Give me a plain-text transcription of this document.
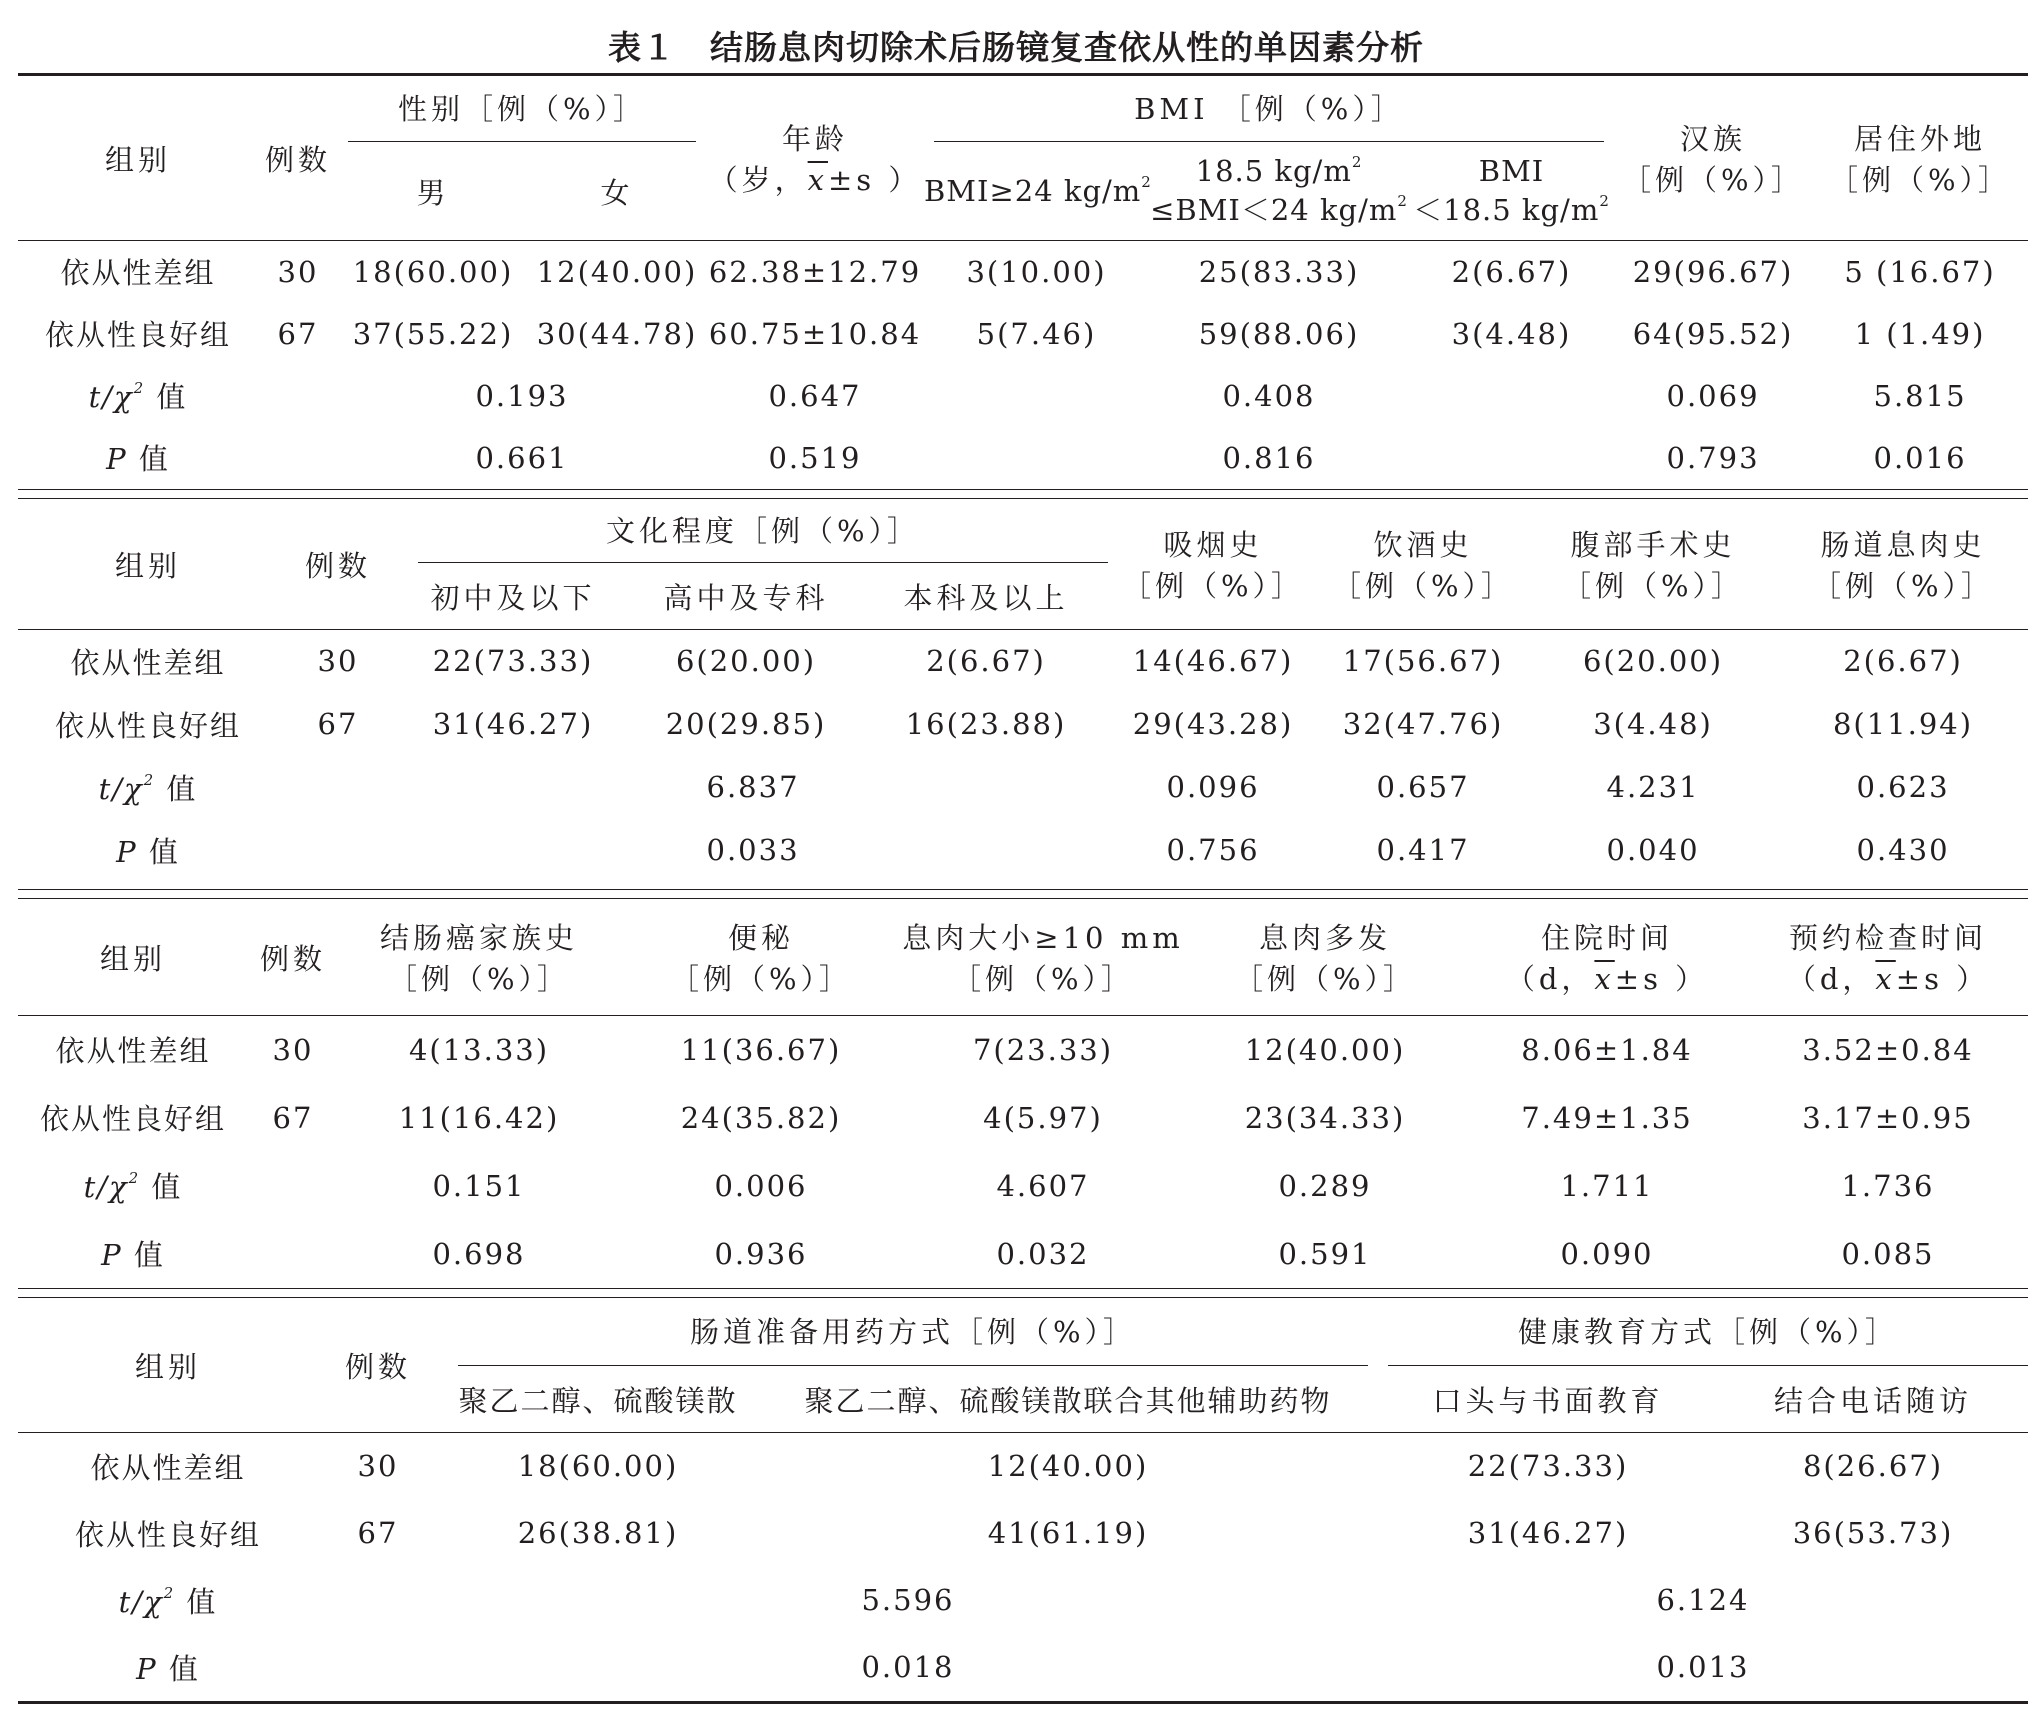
表１　结肠息肉切除术后肠镜复查依从性的单因素分析
组别	例数	性别［例（%）］		年龄
（岁，$\overline{x}\pm s$ ）	BMI ［例（%）］			汉族
［例（%）］	居住外地
［例（%）］

		男	女		BMI≥24 $kg/m^2$	18.5 $kg/m^2$
≤BMI＜24 $kg/m^2$	BMI
＜18.5 $kg/m^2$

依从性差组	30	18(60.00)	12(40.00)	62.38±12.79	3(10.00)	25(83.33)	2(6.67)	29(96.67)	5 (16.67)
依从性良好组	67	37(55.22)	30(44.78)	60.75±10.84	5(7.46)	59(88.06)	3(4.48)	64(95.52)	1 (1.49)
$t/\chi^2$ 值		0.193		0.647	0.408			0.069	5.815
P 值		0.661		0.519	0.816			0.793	0.016
组别	例数	文化程度［例（%）］			吸烟史
［例（%）］	饮酒史
［例（%）］	腹部手术史
［例（%）］	肠道息肉史
［例（%）］

		初中及以下	高中及专科	本科及以上				

依从性差组	30	22(73.33)	6(20.00)	2(6.67)	14(46.67)	17(56.67)	6(20.00)	2(6.67)
依从性良好组	67	31(46.27)	20(29.85)	16(23.88)	29(43.28)	32(47.76)	3(4.48)	8(11.94)
$t/\chi^2$ 值		6.837			0.096	0.657	4.231	0.623
P 值		0.033			0.756	0.417	0.040	0.430
组别	例数	结肠癌家族史
［例（%）］	便秘
［例（%）］	息肉大小≥10 mm
［例（%）］	息肉多发
［例（%）］	住院时间
（d，$\overline{x}\pm s$ ）	预约检查时间
（d，$\overline{x}\pm s$ ）

依从性差组	30	4(13.33)	11(36.67)	7(23.33)	12(40.00)	8.06±1.84	3.52±0.84
依从性良好组	67	11(16.42)	24(35.82)	4(5.97)	23(34.33)	7.49±1.35	3.17±0.95
$t/\chi^2$ 值		0.151	0.006	4.607	0.289	1.711	1.736
P 值		0.698	0.936	0.032	0.591	0.090	0.085
组别	例数	肠道准备用药方式［例（%）］		健康教育方式［例（%）］	

		聚乙二醇、硫酸镁散	聚乙二醇、硫酸镁散联合其他辅助药物	口头与书面教育	结合电话随访

依从性差组	30	18(60.00)	12(40.00)	22(73.33)	8(26.67)
依从性良好组	67	26(38.81)	41(61.19)	31(46.27)	36(53.73)
$t/\chi^2$ 值		5.596		6.124	
P 值		0.018		0.013	
